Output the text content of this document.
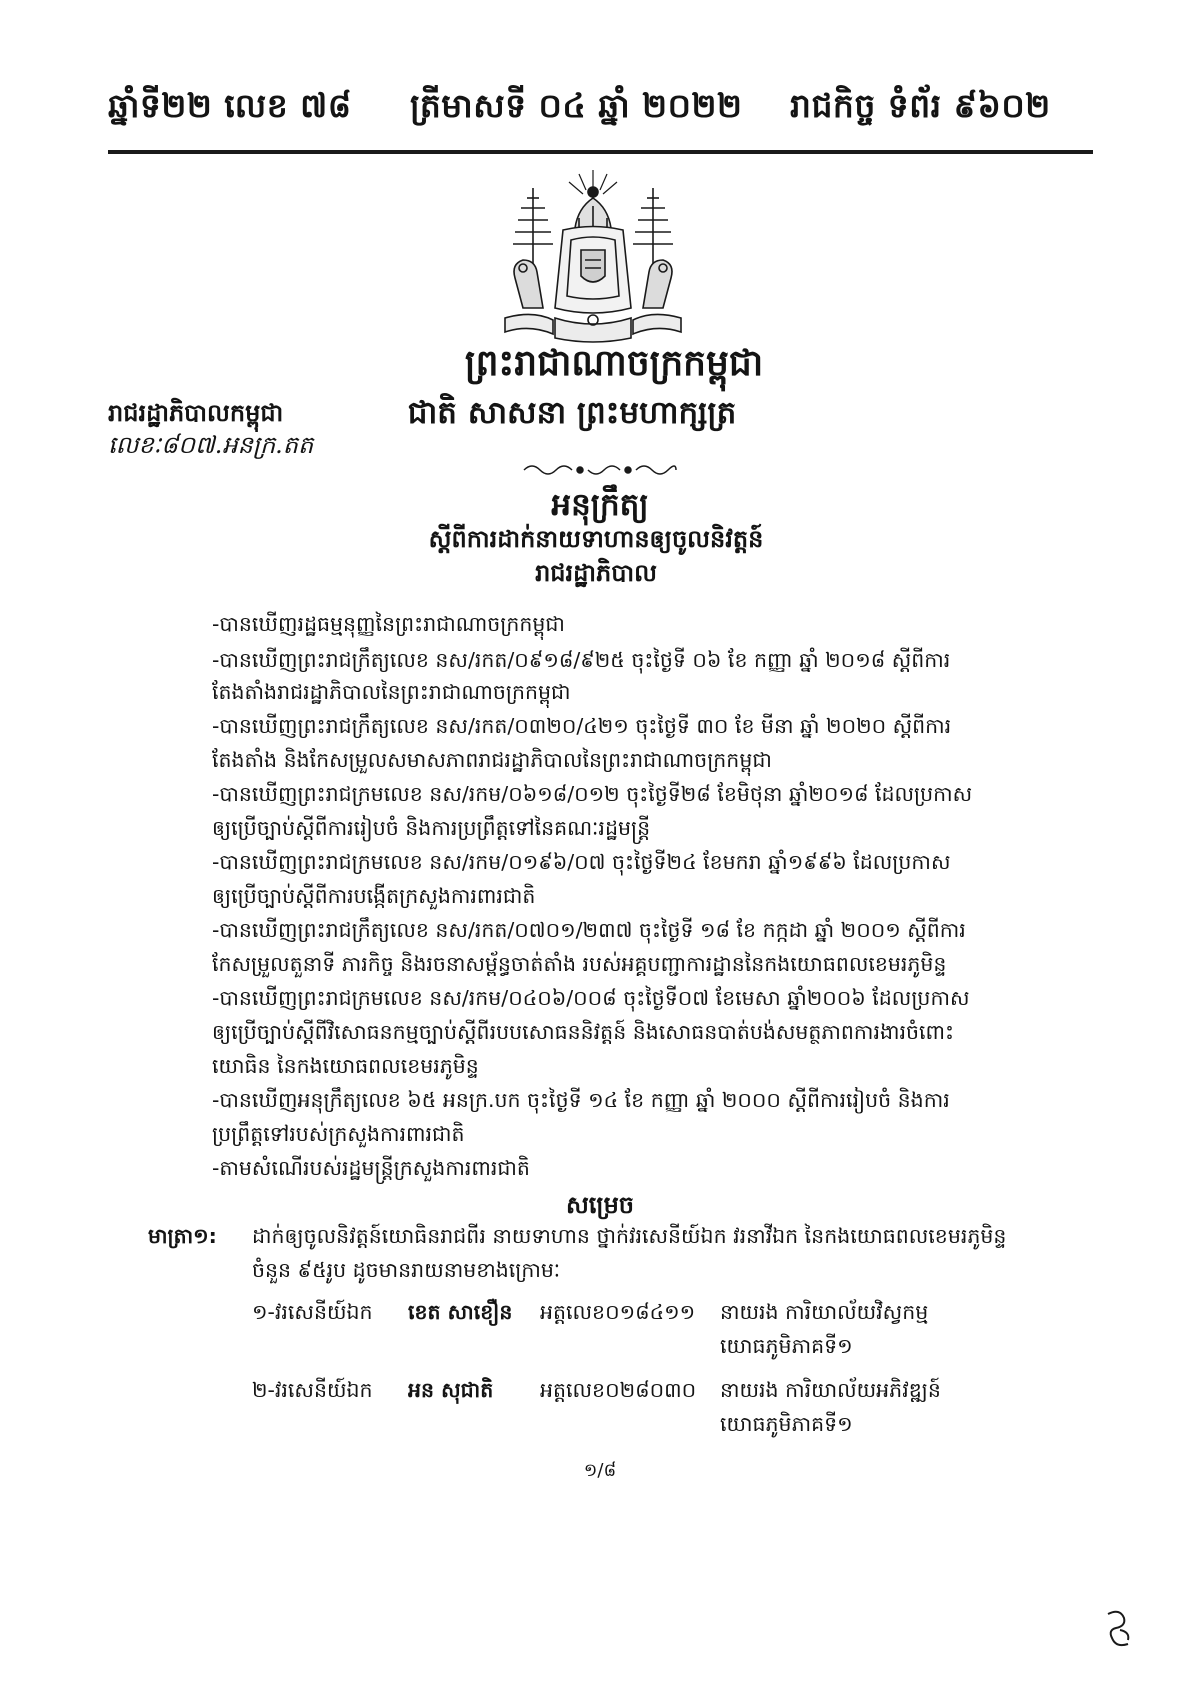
ឆ្នាំទី២២ លេខ ៧៨ ត្រីមាសទី ០៤ ឆ្នាំ ២០២២ រាជកិច្ច ទំព័រ ៩៦០២
ព្រះរាជាណាចក្រកម្ពុជា
ជាតិ សាសនា ព្រះមហាក្សត្រ
រាជរដ្ឋាភិបាលកម្ពុជា
លេខៈ៨០៧.អនក្រ.តត
អនុក្រឹត្យ
ស្តីពីការដាក់នាយទាហានឲ្យចូលនិវត្តន៍
រាជរដ្ឋាភិបាល
-បានឃើញរដ្ឋធម្មនុញ្ញនៃព្រះរាជាណាចក្រកម្ពុជា
-បានឃើញព្រះរាជក្រឹត្យលេខ នស/រកត/០៩១៨/៩២៥ ចុះថ្ងៃទី ០៦ ខែ កញ្ញា ឆ្នាំ ២០១៨ ស្តីពីការ
តែងតាំងរាជរដ្ឋាភិបាលនៃព្រះរាជាណាចក្រកម្ពុជា
-បានឃើញព្រះរាជក្រឹត្យលេខ នស/រកត/០៣២០/៤២១ ចុះថ្ងៃទី ៣០ ខែ មីនា ឆ្នាំ ២០២០ ស្តីពីការ
តែងតាំង និងកែសម្រួលសមាសភាពរាជរដ្ឋាភិបាលនៃព្រះរាជាណាចក្រកម្ពុជា
-បានឃើញព្រះរាជក្រមលេខ នស/រកម/០៦១៨/០១២ ចុះថ្ងៃទី២៨ ខែមិថុនា ឆ្នាំ២០១៨ ដែលប្រកាស
ឲ្យប្រើច្បាប់ស្តីពីការរៀបចំ និងការប្រព្រឹត្តទៅនៃគណៈរដ្ឋមន្ត្រី
-បានឃើញព្រះរាជក្រមលេខ នស/រកម/០១៩៦/០៧ ចុះថ្ងៃទី២៤ ខែមករា ឆ្នាំ១៩៩៦ ដែលប្រកាស
ឲ្យប្រើច្បាប់ស្តីពីការបង្កើតក្រសួងការពារជាតិ
-បានឃើញព្រះរាជក្រឹត្យលេខ នស/រកត/០៧០១/២៣៧ ចុះថ្ងៃទី ១៨ ខែ កក្កដា ឆ្នាំ ២០០១ ស្តីពីការ
កែសម្រួលតួនាទី ភារកិច្ច និងរចនាសម្ព័ន្ធចាត់តាំង របស់អគ្គបញ្ជាការដ្ឋាននៃកងយោធពលខេមរភូមិន្ទ
-បានឃើញព្រះរាជក្រមលេខ នស/រកម/០៤០៦/០០៨ ចុះថ្ងៃទី០៧ ខែមេសា ឆ្នាំ២០០៦ ដែលប្រកាស
ឲ្យប្រើច្បាប់ស្តីពីវិសោធនកម្មច្បាប់ស្តីពីរបបសោធននិវត្តន៍ និងសោធនបាត់បង់សមត្ថភាពការងារចំពោះ
យោធិន នៃកងយោធពលខេមរភូមិន្ទ
-បានឃើញអនុក្រឹត្យលេខ ៦៥ អនក្រ.បក ចុះថ្ងៃទី ១៤ ខែ កញ្ញា ឆ្នាំ ២០០០ ស្តីពីការរៀបចំ និងការ
ប្រព្រឹត្តទៅរបស់ក្រសួងការពារជាតិ
-តាមសំណើរបស់រដ្ឋមន្ត្រីក្រសួងការពារជាតិ
សម្រេច
មាត្រា១: ដាក់ឲ្យចូលនិវត្តន៍យោធិនរាជពីរ នាយទាហាន ថ្នាក់វរសេនីយ៍ឯក វរនាវីឯក នៃកងយោធពលខេមរភូមិន្ទ
ចំនួន ៩៥រូប ដូចមានរាយនាមខាងក្រោមៈ
១-វរសេនីយ៍ឯក ខេត សាខឿន អត្តលេខ០១៨៤១១ នាយរង ការិយាល័យវិស្វកម្ម
យោធភូមិភាគទី១
២-វរសេនីយ៍ឯក អន សុជាតិ អត្តលេខ០២៨០៣០ នាយរង ការិយាល័យអភិវឌ្ឍន៍
យោធភូមិភាគទី១
១/៨
